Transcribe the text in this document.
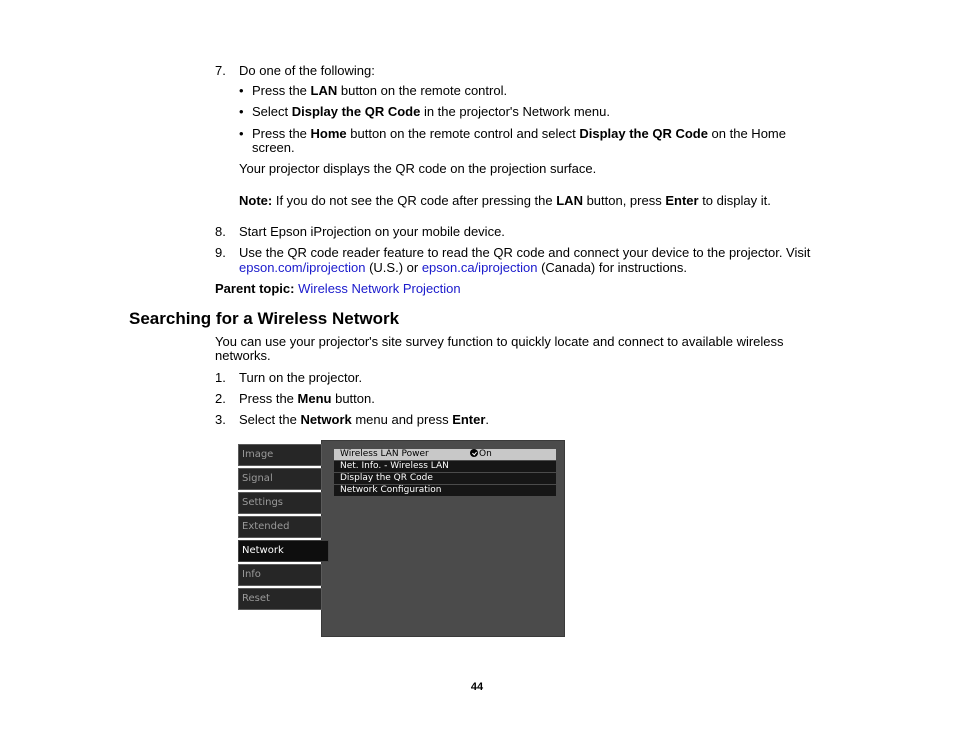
7. Do one of the following:
• Press the LAN button on the remote control.
• Select Display the QR Code in the projector's Network menu.
• Press the Home button on the remote control and select Display the QR Code on the Home
screen.
Your projector displays the QR code on the projection surface.
Note: If you do not see the QR code after pressing the LAN button, press Enter to display it.
8. Start Epson iProjection on your mobile device.
9. Use the QR code reader feature to read the QR code and connect your device to the projector. Visit
epson.com/iprojection (U.S.) or epson.ca/iprojection (Canada) for instructions.
Parent topic: Wireless Network Projection
Searching for a Wireless Network
You can use your projector's site survey function to quickly locate and connect to available wireless
networks.
1. Turn on the projector.
2. Press the Menu button.
3. Select the Network menu and press Enter.
Image
Signal
Settings
Extended
Network
Info
Reset
Wireless LAN Power	On
Net. Info. - Wireless LAN
Display the QR Code
Network Configuration
44
